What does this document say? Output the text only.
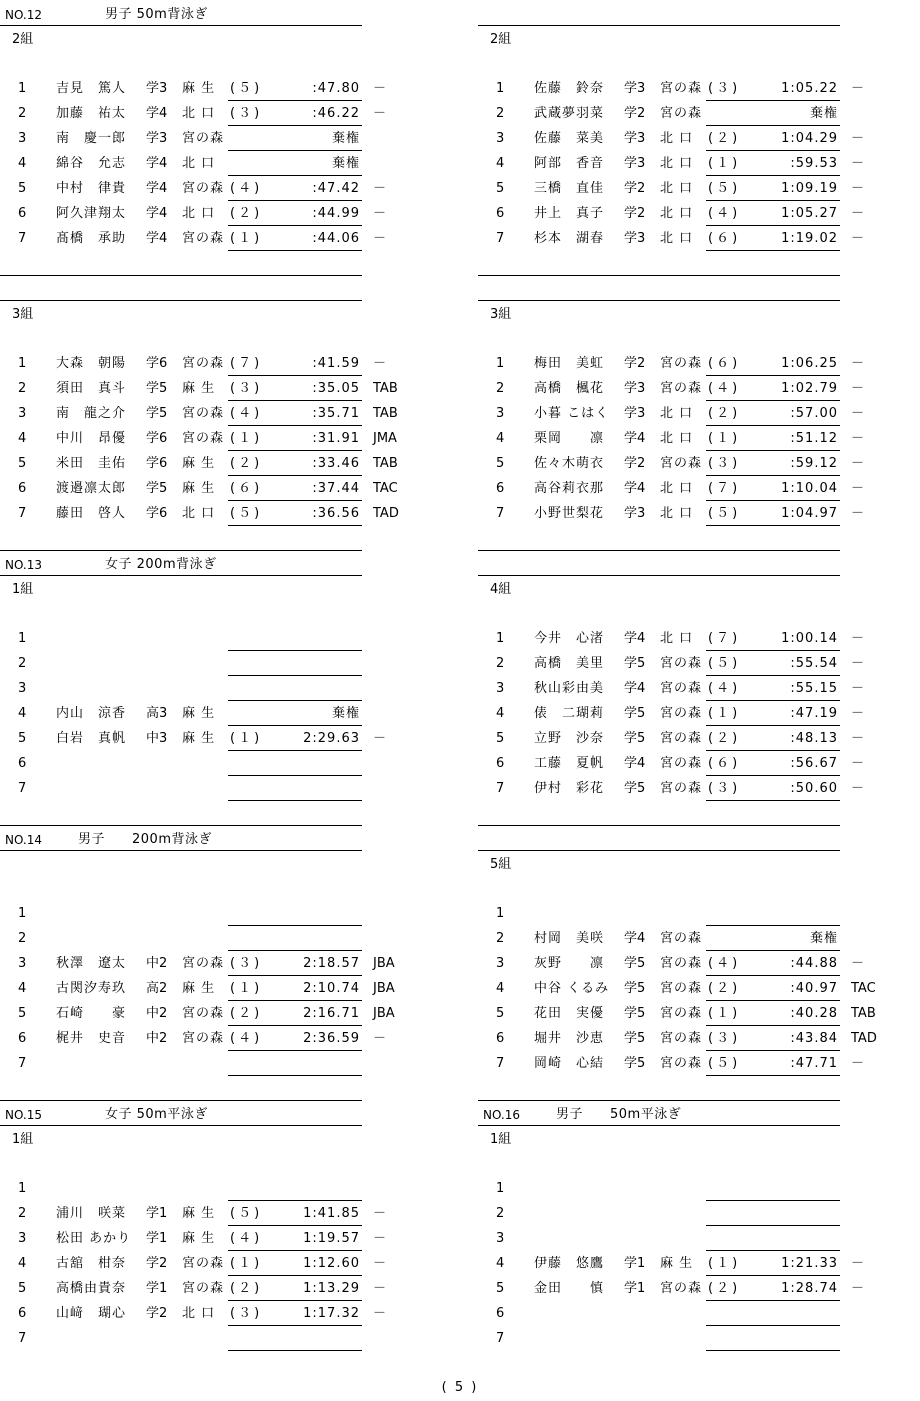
NO.12	男子 50m背泳ぎ
2組
1 吉見　篤人 学3 麻 生 (５)	:47.80 －
2 加藤　祐太 学4 北 口 (３)	:46.22 －
3 南　慶一郎 学3 宮の森	棄権
4 綿谷　允志 学4 北 口	棄権
5 中村　律貴 学4 宮の森 (４)	:47.42 －
6 阿久津翔太 学4 北 口 (２)	:44.99 －
7 髙橋　承助 学4 宮の森 (１)	:44.06 －
3組
1 大森　朝陽 学6 宮の森 (７)	:41.59 －
2 須田　真斗 学5 麻 生 (３)	:35.05 TAB
3 南　龍之介 学5 宮の森 (４)	:35.71 TAB
4 中川　昂優 学6 宮の森 (１)	:31.91 JMA
5 米田　圭佑 学6 麻 生 (２)	:33.46 TAB
6 渡邉凛太郎 学5 麻 生 (６)	:37.44 TAC
7 藤田　啓人 学6 北 口 (５)	:36.56 TAD
NO.13	女子 200m背泳ぎ
1組
1
2
3
4 内山　涼香 高3 麻 生	棄権
5 白岩　真帆 中3 麻 生 (１)	2:29.63 －
6
7
NO.14	男子　　200m背泳ぎ
1
2
3 秋澤　遼太 中2 宮の森 (３)	2:18.57 JBA
4 古関汐寿玖 高2 麻 生 (１)	2:10.74 JBA
5 石崎　　豪 中2 宮の森 (２)	2:16.71 JBA
6 梶井　史音 中2 宮の森 (４)	2:36.59 －
7
NO.15	女子 50m平泳ぎ
1組
1
2 浦川　咲菜 学1 麻 生 (５)	1:41.85 －
3 松田 あかり 学1 麻 生 (４)	1:19.57 －
4 古舘　柑奈 学2 宮の森 (１)	1:12.60 －
5 高橋由貴奈 学1 宮の森 (２)	1:13.29 －
6 山﨑　瑚心 学2 北 口 (３)	1:17.32 －
7
2組
1 佐藤　鈴奈 学3 宮の森 (３)	1:05.22 －
2 武蔵夢羽菜 学2 宮の森	棄権
3 佐藤　菜美 学3 北 口 (２)	1:04.29 －
4 阿部　香音 学3 北 口 (１)	:59.53 －
5 三橋　直佳 学2 北 口 (５)	1:09.19 －
6 井上　真子 学2 北 口 (４)	1:05.27 －
7 杉本　湖春 学3 北 口 (６)	1:19.02 －
3組
1 梅田　美虹 学2 宮の森 (６)	1:06.25 －
2 高橋　楓花 学3 宮の森 (４)	1:02.79 －
3 小暮 こはく 学3 北 口 (２)	:57.00 －
4 栗岡　　凛 学4 北 口 (１)	:51.12 －
5 佐々木萌衣 学2 宮の森 (３)	:59.12 －
6 高谷莉衣那 学4 北 口 (７)	1:10.04 －
7 小野世梨花 学3 北 口 (５)	1:04.97 －
4組
1 今井　心渚 学4 北 口 (７)	1:00.14 －
2 高橋　美里 学5 宮の森 (５)	:55.54 －
3 秋山彩由美 学4 宮の森 (４)	:55.15 －
4 俵　二瑚莉 学5 宮の森 (１)	:47.19 －
5 立野　沙奈 学5 宮の森 (２)	:48.13 －
6 工藤　夏帆 学4 宮の森 (６)	:56.67 －
7 伊村　彩花 学5 宮の森 (３)	:50.60 －
5組
1
2 村岡　美咲 学4 宮の森	棄権
3 灰野　　凛 学5 宮の森 (４)	:44.88 －
4 中谷 くるみ 学5 宮の森 (２)	:40.97 TAC
5 花田　実優 学5 宮の森 (１)	:40.28 TAB
6 堀井　沙恵 学5 宮の森 (３)	:43.84 TAD
7 岡崎　心結 学5 宮の森 (５)	:47.71 －
NO.16	男子　　50m平泳ぎ
1組
1
2
3
4 伊藤　悠鷹 学1 麻 生 (１)	1:21.33 －
5 金田　　慎 学1 宮の森 (２)	1:28.74 －
6
7
( 5 )
